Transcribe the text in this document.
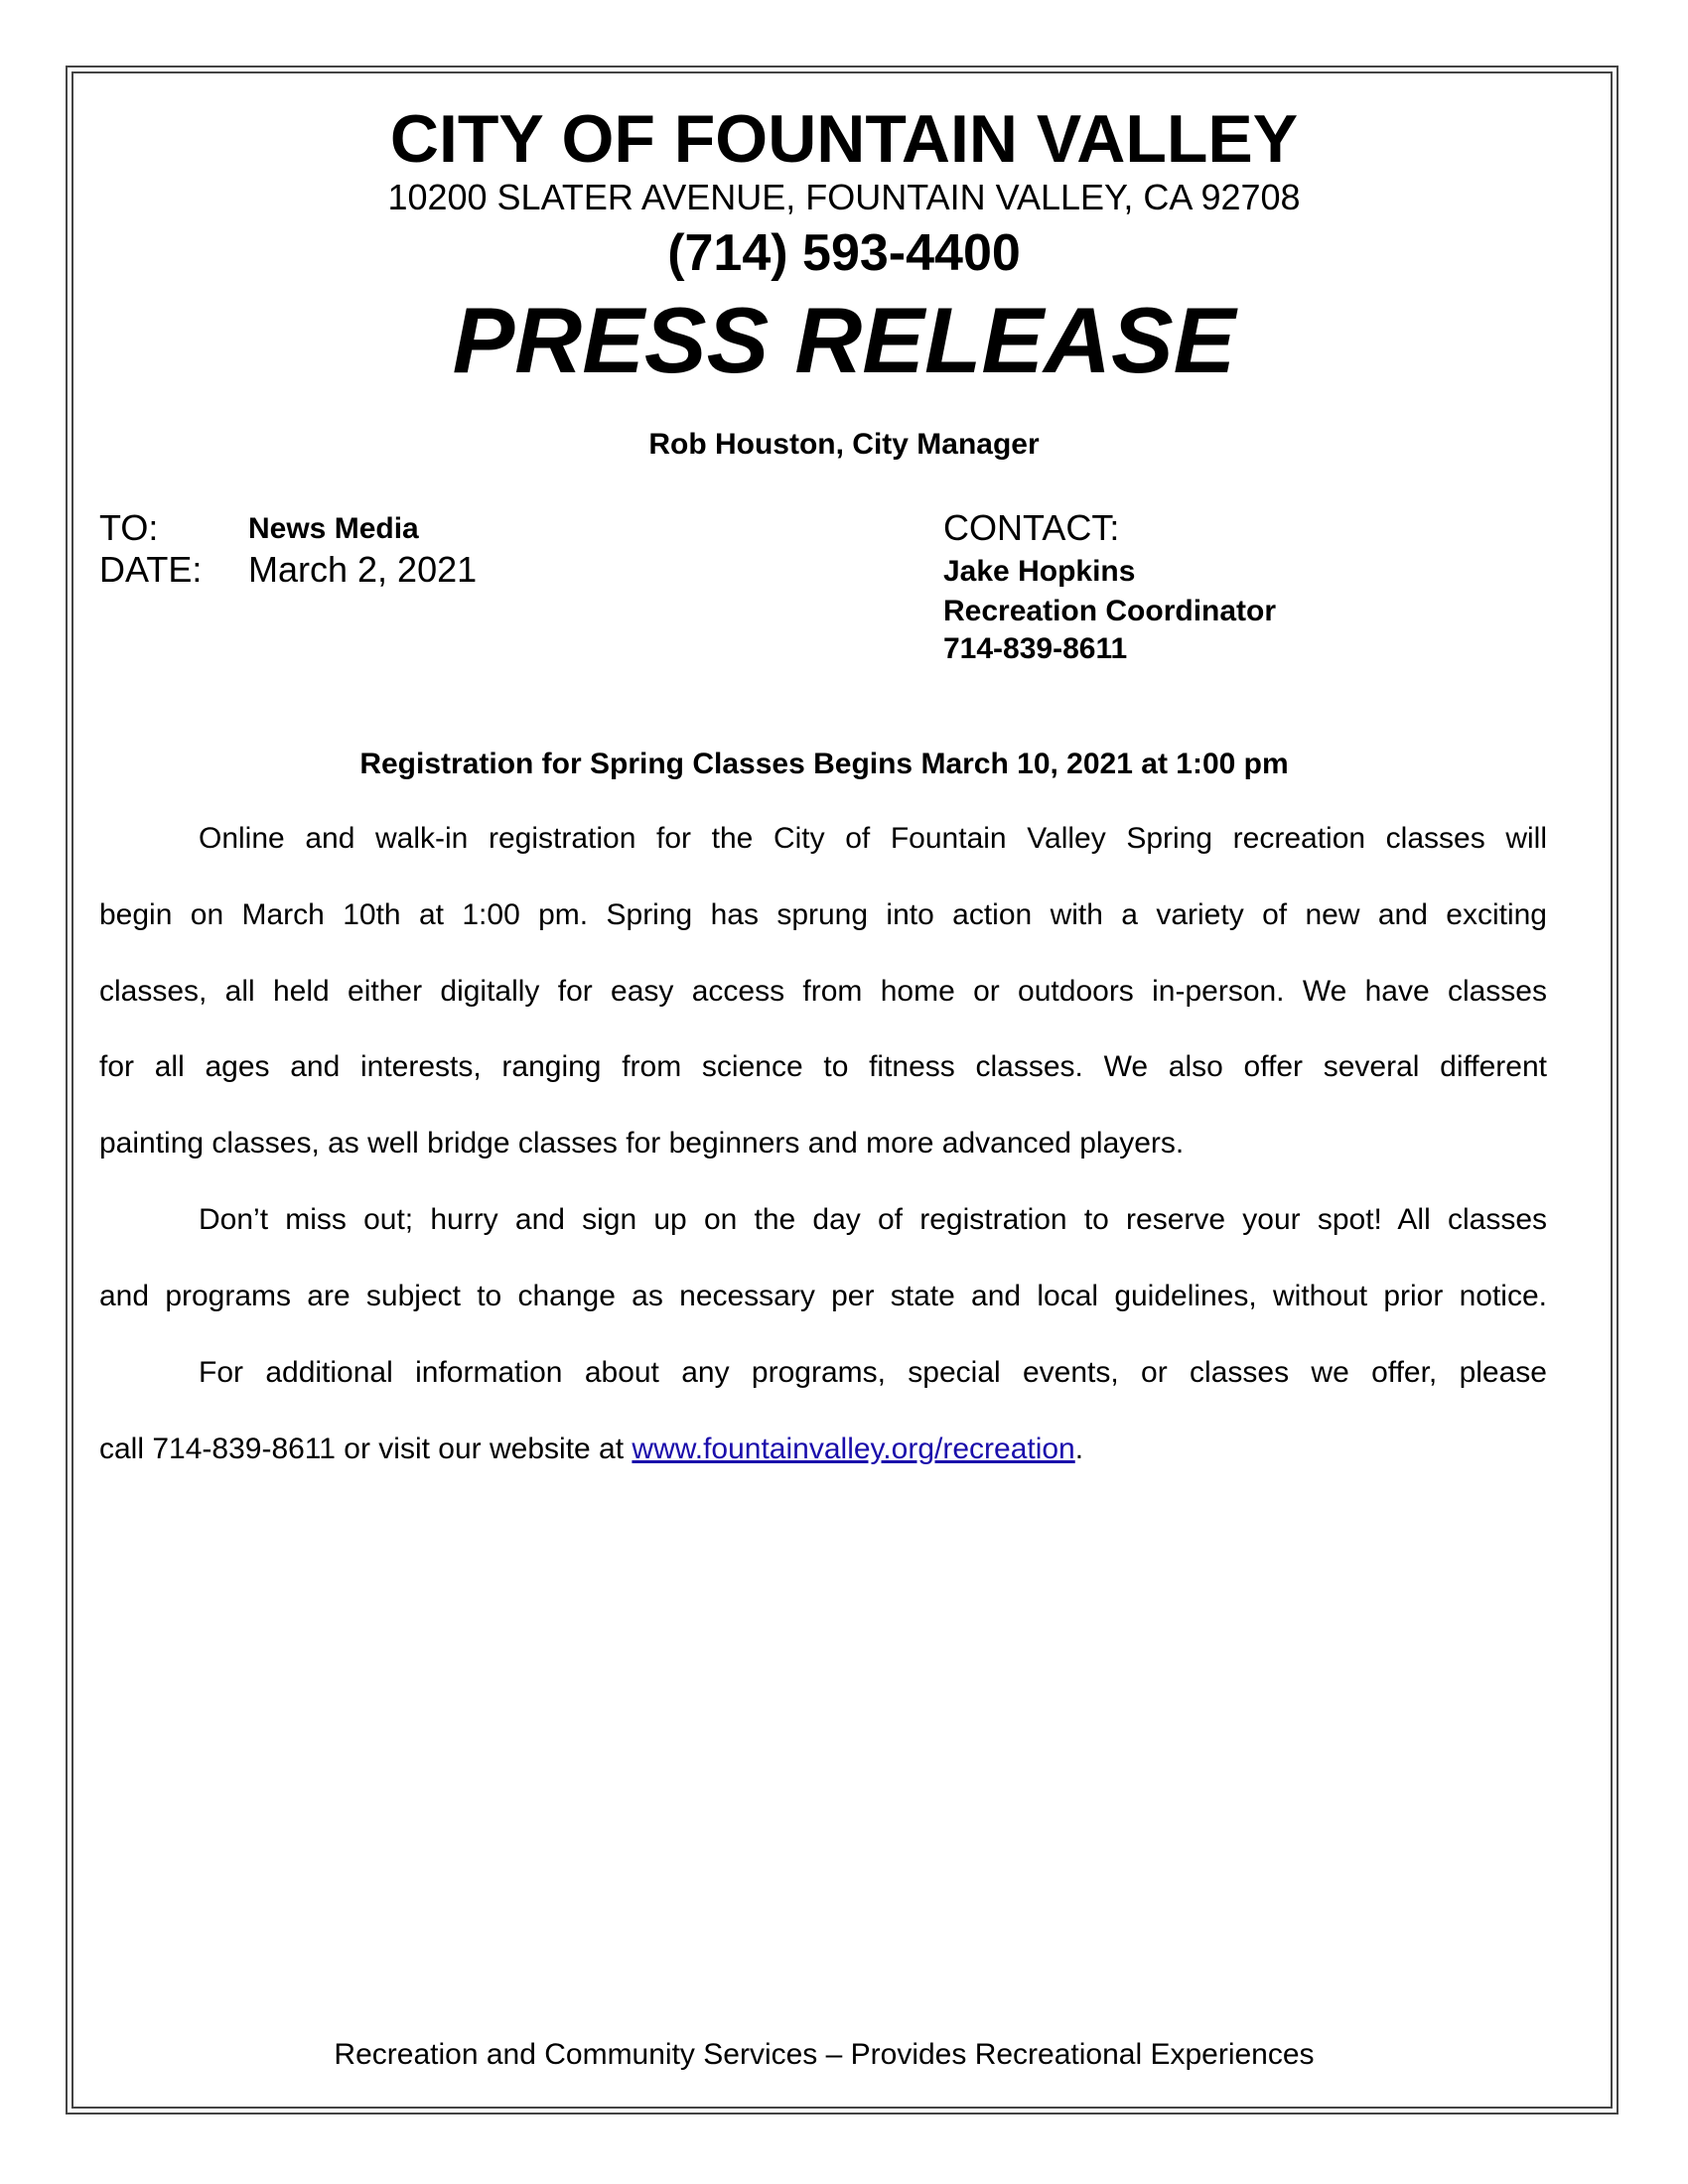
CITY OF FOUNTAIN VALLEY
10200 SLATER AVENUE, FOUNTAIN VALLEY, CA 92708
(714) 593-4400
PRESS RELEASE
Rob Houston, City Manager
TO:	News Media
DATE: March 2, 2021
CONTACT:
Jake Hopkins
Recreation Coordinator
714-839-8611
Registration for Spring Classes Begins March 10, 2021 at 1:00 pm
Online and walk-in registration for the City of Fountain Valley Spring recreation classes will
begin on March 10th at 1:00 pm. Spring has sprung into action with a variety of new and exciting
classes, all held either digitally for easy access from home or outdoors in-person. We have classes
for all ages and interests, ranging from science to fitness classes. We also offer several different
painting classes, as well bridge classes for beginners and more advanced players.
Don’t miss out; hurry and sign up on the day of registration to reserve your spot! All classes
and programs are subject to change as necessary per state and local guidelines, without prior notice.
For additional information about any programs, special events, or classes we offer, please
call 714-839-8611 or visit our website at www.fountainvalley.org/recreation.
Recreation and Community Services – Provides Recreational Experiences
